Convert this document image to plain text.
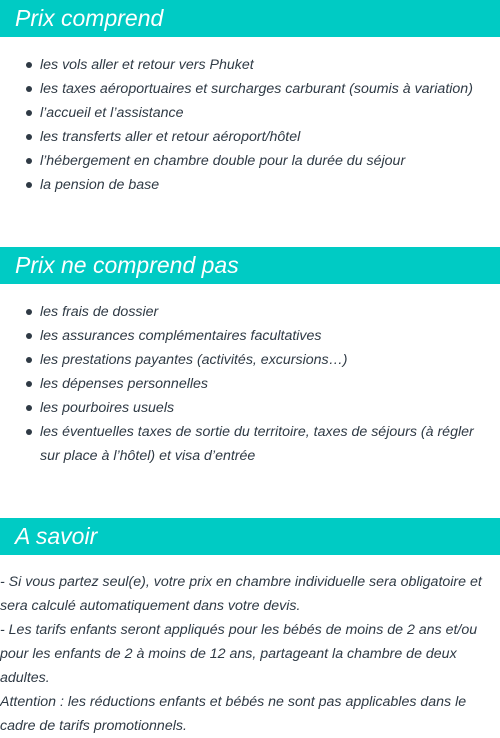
Prix comprend
les vols aller et retour vers Phuket
les taxes aéroportuaires et surcharges carburant (soumis à variation)
l’accueil et l’assistance
les transferts aller et retour aéroport/hôtel
l’hébergement en chambre double pour la durée du séjour
la pension de base
Prix ne comprend pas
les frais de dossier
les assurances complémentaires facultatives
les prestations payantes (activités, excursions…)
les dépenses personnelles
les pourboires usuels
les éventuelles taxes de sortie du territoire, taxes de séjours (à régler sur place à l’hôtel) et visa d’entrée
A savoir

- Si vous partez seul(e), votre prix en chambre individuelle sera obligatoire et sera calculé automatiquement dans votre devis.

- Les tarifs enfants seront appliqués pour les bébés de moins de 2 ans et/ou pour les enfants de 2 à moins de 12 ans, partageant la chambre de deux adultes.

Attention : les réductions enfants et bébés ne sont pas applicables dans le cadre de tarifs promotionnels.
